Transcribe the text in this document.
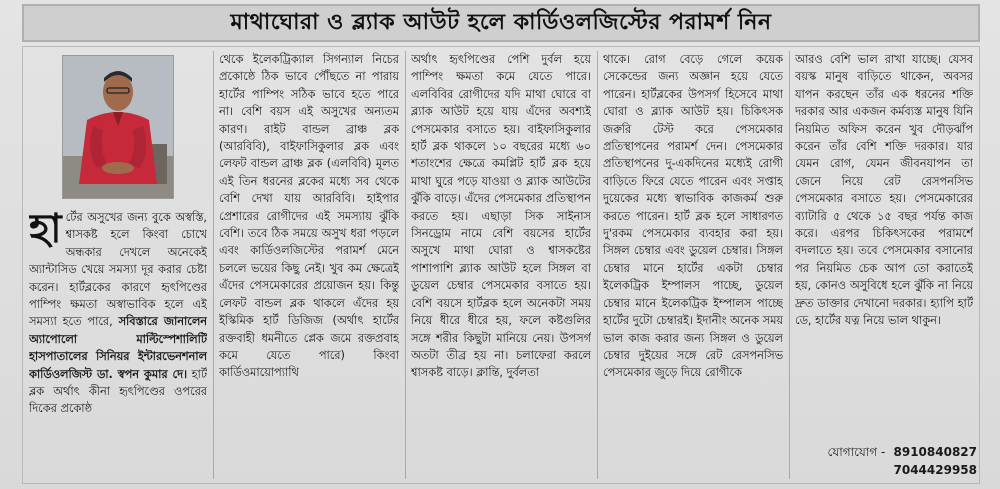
মাথাঘোরা ও ব্ল্যাক আউট হলে কার্ডিওলজিস্টের পরামর্শ নিন

হা র্টের অসুখের জন্য বুকে অস্বস্তি, শ্বাসকষ্ট হলে কিংবা চোখে অন্ধকার দেখলে অনেকেই অ্যান্টাসিড খেয়ে সমস্যা দূর করার চেষ্টা করেন। হার্টব্লকের কারণে হৃৎপিণ্ডের পাম্পিং ক্ষমতা অস্বাভাবিক হলে এই সমস্যা হতে পারে, সবিস্তারে জানালেন অ্যাপোলো মাল্টিস্পেশালিটি হাসপাতালের সিনিয়র ইন্টারভেনশনাল কার্ডিওলজিস্ট ডা. স্বপন কুমার দে। হার্ট ব্লক অর্থাৎ কীনা হৃৎপিণ্ডের ওপরের দিকের প্রকোষ্ঠ

থেকে ইলেকট্রিক্যাল সিগন্যাল নিচের প্রকোষ্ঠে ঠিক ভাবে পৌঁছতে না পারায় হার্টের পাম্পিং সঠিক ভাবে হতে পারে না। বেশি বয়স এই অসুখের অন্যতম কারণ। রাইট বান্ডল ব্রাঞ্চ ব্লক (আরবিবি), বাইফাসিকুলার ব্লক এবং লেফট বান্ডল ব্রাঞ্চ ব্লক (এলবিবি) মূলত এই তিন ধরনের ব্লকের মধ্যে সব থেকে বেশি দেখা যায় আরবিবি। হাইপার প্রেশারের রোগীদের এই সমস্যায় ঝুঁকি বেশি। তবে ঠিক সময়ে অসুখ ধরা পড়লে এবং কার্ডিওলজিস্টের পরামর্শ মেনে চললে ভয়ের কিছু নেই। খুব কম ক্ষেত্রেই এঁদের পেসমেকারের প্রয়োজন হয়। কিন্তু লেফট বান্ডল ব্লক থাকলে এঁদের হয় ইস্কিমিক হার্ট ডিজিজ (অর্থাৎ হার্টের রক্তবাহী ধমনীতে প্লেক জমে রক্তপ্রবাহ কমে যেতে পারে) কিংবা কার্ডিওমায়োপ্যাথি

অর্থাৎ হৃৎপিণ্ডের পেশি দুর্বল হয়ে পাম্পিং ক্ষমতা কমে যেতে পারে। এলবিবির রোগীদের যদি মাথা ঘোরে বা ব্ল্যাক আউট হয়ে যায় এঁদের অবশ্যই পেসমেকার বসাতে হয়। বাইফাসিকুলার হার্ট ব্লক থাকলে ১০ বছরের মধ্যে ৬০ শতাংশের ক্ষেত্রে কমপ্লিট হার্ট ব্লক হয়ে মাথা ঘুরে পড়ে যাওয়া ও ব্ল্যাক আউটের ঝুঁকি বাড়ে। এঁদের পেসমেকার প্রতিস্থাপন করতে হয়। এছাড়া সিক সাইনাস সিনড্রোম নামে বেশি বয়সের হার্টের অসুখে মাথা ঘোরা ও শ্বাসকষ্টের পাশাপাশি ব্ল্যাক আউট হলে সিঙ্গল বা ডুয়েল চেম্বার পেসমেকার বসাতে হয়। বেশি বয়সে হার্টব্লক হলে অনেকটা সময় নিয়ে ধীরে ধীরে হয়, ফলে কষ্টগুলির সঙ্গে শরীর কিছুটা মানিয়ে নেয়। উপসর্গ অতটা তীব্র হয় না। চলাফেরা করলে শ্বাসকষ্ট বাড়ে। ক্লান্তি, দুর্বলতা

থাকে। রোগ বেড়ে গেলে কয়েক সেকেন্ডের জন্য অজ্ঞান হয়ে যেতে পারেন। হার্টব্লকের উপসর্গ হিসেবে মাথা ঘোরা ও ব্ল্যাক আউট হয়। চিকিৎসক জরুরি টেস্ট করে পেসমেকার প্রতিস্থাপনের পরামর্শ দেন। পেসমেকার প্রতিস্থাপনের দু-একদিনের মধ্যেই রোগী বাড়িতে ফিরে যেতে পারেন এবং সপ্তাহ দুয়েকের মধ্যে স্বাভাবিক কাজকর্ম শুরু করতে পারেন। হার্ট ব্লক হলে সাধারণত দু'রকম পেসমেকার ব্যবহার করা হয়। সিঙ্গল চেম্বার এবং ডুয়েল চেম্বার। সিঙ্গল চেম্বার মানে হার্টের একটা চেম্বার ইলেকট্রিক ইম্পালস পাচ্ছে, ডুয়েল চেম্বার মানে ইলেকট্রিক ইম্পালস পাচ্ছে হার্টের দুটো চেম্বারই। ইদানীং অনেক সময় ভাল কাজ করার জন্য সিঙ্গল ও ডুয়েল চেম্বার দুইয়ের সঙ্গে রেট রেসপনসিভ পেসমেকার জুড়ে দিয়ে রোগীকে

আরও বেশি ভাল রাখা যাচ্ছে। যেসব বয়স্ক মানুষ বাড়িতে থাকেন, অবসর যাপন করছেন তাঁর এক ধরনের শক্তি দরকার আর একজন কর্মব্যস্ত মানুষ যিনি নিয়মিত অফিস করেন খুব দৌড়ঝাঁপ করেন তাঁর বেশি শক্তি দরকার। যার যেমন রোগ, যেমন জীবনযাপন তা জেনে নিয়ে রেট রেসপনসিভ পেসমেকার বসাতে হয়। পেসমেকারের ব্যাটারি ৫ থেকে ১৫ বছর পর্যন্ত কাজ করে। এরপর চিকিৎসকের পরামর্শে বদলাতে হয়। তবে পেসমেকার বসানোর পর নিয়মিত চেক আপ তো করাতেই হয়, কোনও অসুবিধে হলে ঝুঁকি না নিয়ে দ্রুত ডাক্তার দেখানো দরকার। হ্যাপি হার্ট ডে, হার্টের যত্ন নিয়ে ভাল থাকুন।

যোগাযোগ - 8910840827
7044429958
